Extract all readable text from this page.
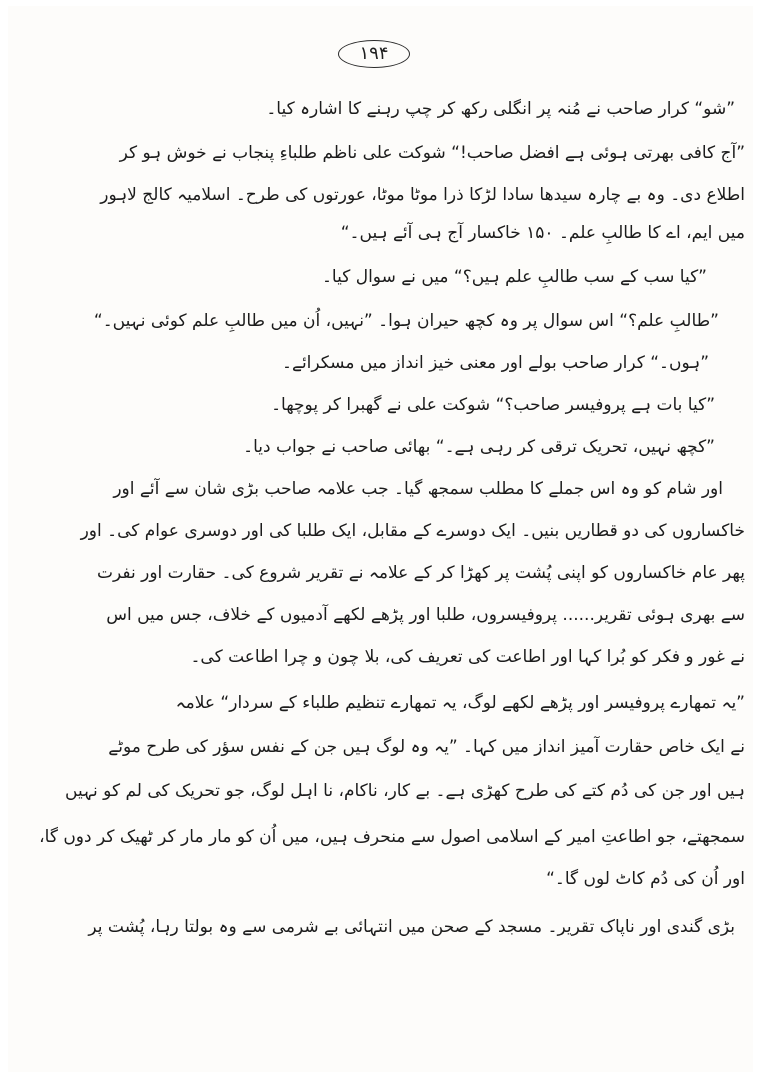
۱۹۴
”شو“ کرار صاحب نے مُنہ پر انگلی رکھ کر چپ رہنے کا اشارہ کیا۔
”آج کافی بھرتی ہوئی ہے افضل صاحب!“ شوکت علی ناظم طلباءِ پنجاب نے خوش ہو کر
اطلاع دی۔ وہ بے چارہ سیدھا سادا لڑکا ذرا موٹا موٹا، عورتوں کی طرح۔ اسلامیہ کالج لاہور
میں ایم، اے کا طالبِ علم۔ ۱۵۰ خاکسار آج ہی آئے ہیں۔“
”کیا سب کے سب طالبِ علم ہیں؟“ میں نے سوال کیا۔
”طالبِ علم؟“ اس سوال پر وہ کچھ حیران ہوا۔ ”نہیں، اُن میں طالبِ علم کوئی نہیں۔“
”ہوں۔“ کرار صاحب بولے اور معنی خیز انداز میں مسکرائے۔
”کیا بات ہے پروفیسر صاحب؟“ شوکت علی نے گھبرا کر پوچھا۔
”کچھ نہیں، تحریک ترقی کر رہی ہے۔“ بھائی صاحب نے جواب دیا۔
اور شام کو وہ اس جملے کا مطلب سمجھ گیا۔ جب علامہ صاحب بڑی شان سے آئے اور
خاکساروں کی دو قطاریں بنیں۔ ایک دوسرے کے مقابل، ایک طلبا کی اور دوسری عوام کی۔ اور
پھر عام خاکساروں کو اپنی پُشت پر کھڑا کر کے علامہ نے تقریر شروع کی۔ حقارت اور نفرت
سے بھری ہوئی تقریر...... پروفیسروں، طلبا اور پڑھے لکھے آدمیوں کے خلاف، جس میں اس
نے غور و فکر کو بُرا کہا اور اطاعت کی تعریف کی، بلا چون و چرا اطاعت کی۔
”یہ تمھارے پروفیسر اور پڑھے لکھے لوگ، یہ تمھارے تنظیم طلباء کے سردار“ علامہ
نے ایک خاص حقارت آمیز انداز میں کہا۔ ”یہ وہ لوگ ہیں جن کے نفس سؤر کی طرح موٹے
ہیں اور جن کی دُم کتے کی طرح کھڑی ہے۔ بے کار، ناکام، نا اہل لوگ، جو تحریک کی لم کو نہیں
سمجھتے، جو اطاعتِ امیر کے اسلامی اصول سے منحرف ہیں، میں اُن کو مار مار کر ٹھیک کر دوں گا،
اور اُن کی دُم کاٹ لوں گا۔“
بڑی گندی اور ناپاک تقریر۔ مسجد کے صحن میں انتہائی بے شرمی سے وہ بولتا رہا، پُشت پر
